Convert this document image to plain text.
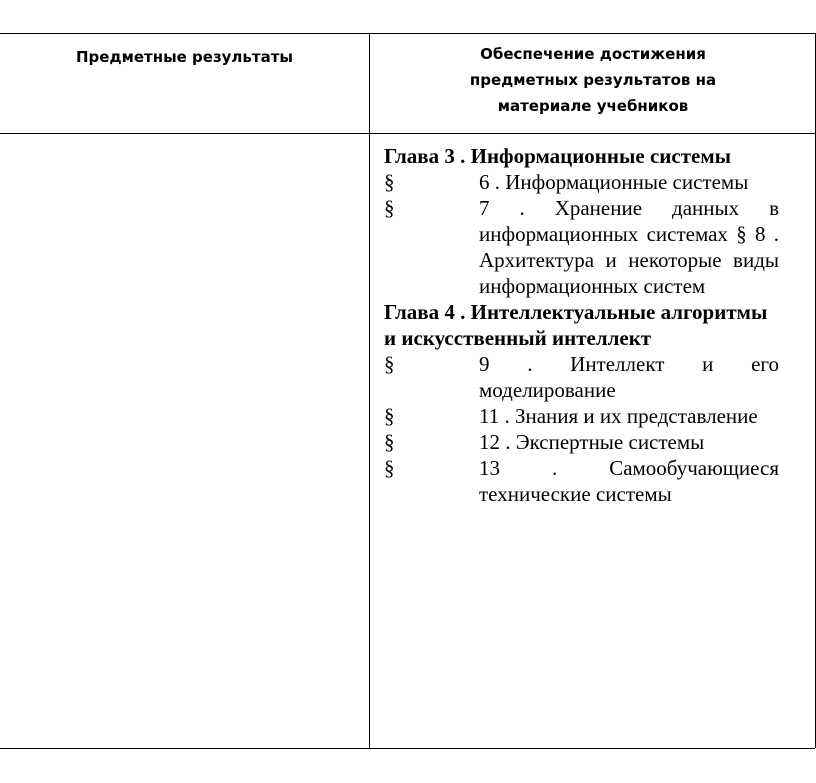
Предметные результаты	Обеспечение достижения
предметных результатов на
материале учебников
Глава 3 . Информационные системы
§	6 . Информационные системы
§	7 . Хранение данных в информационных системах § 8 . Архитектура и некоторые виды информационных систем
Глава 4 . Интеллектуальные алгоритмы и искусственный интеллект
§	9 . Интеллект и его моделирование
§	11 . Знания и их представление
§	12 . Экспертные системы
§	13 . Самообучающиеся технические системы
